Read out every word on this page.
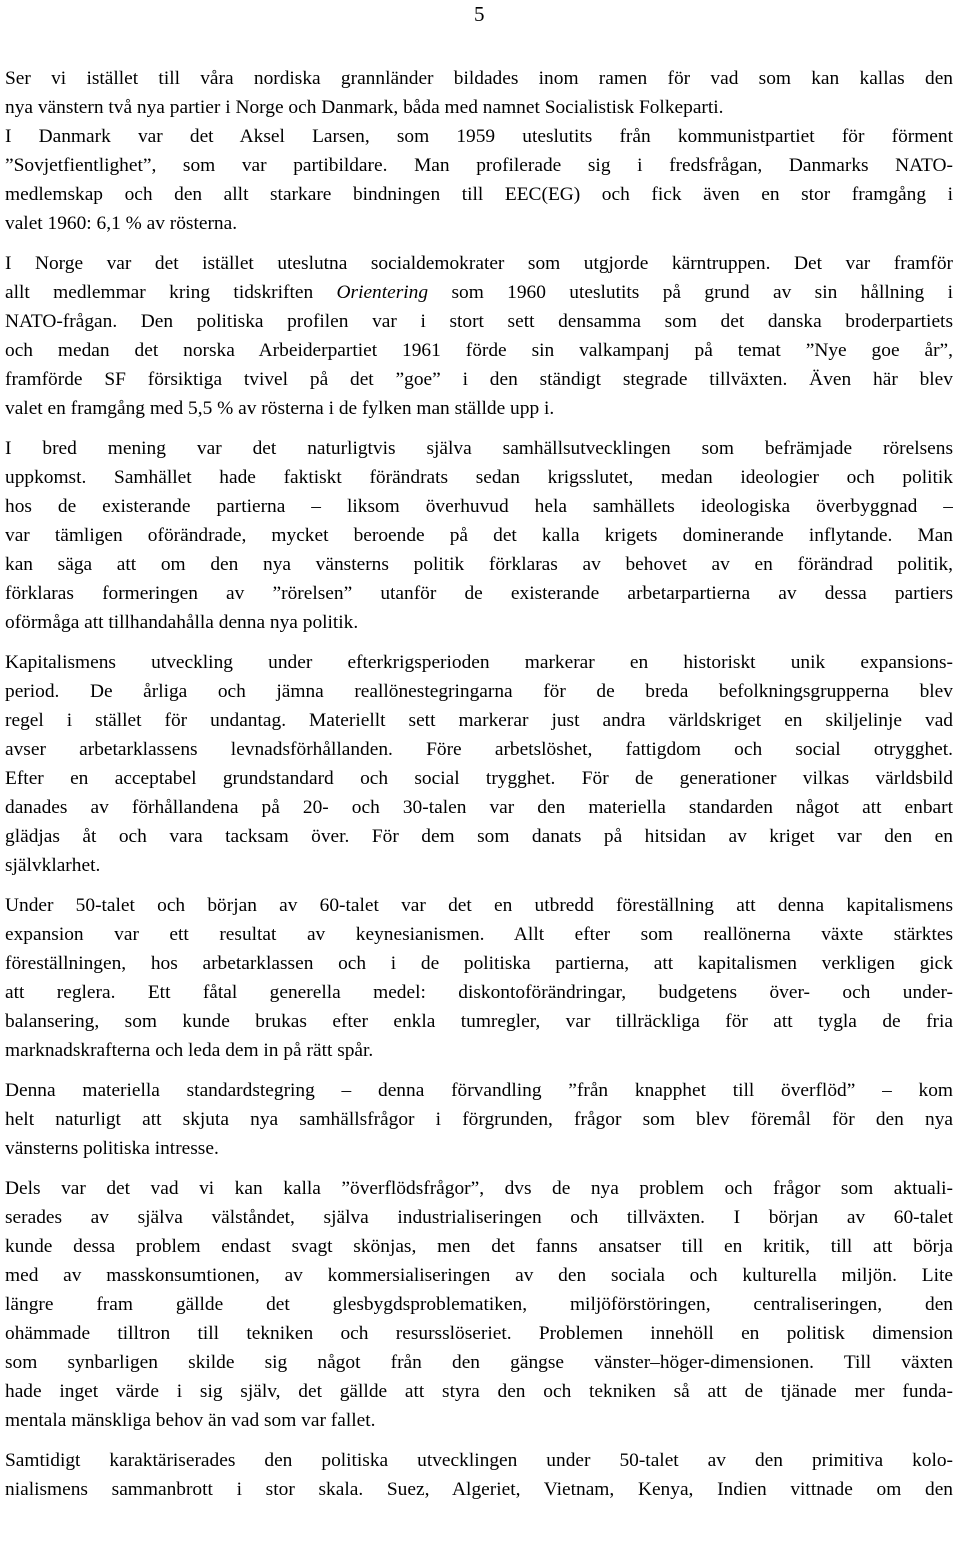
5

Ser vi istället till våra nordiska grannländer bildades inom ramen för vad som kan kallas den
nya vänstern två nya partier i Norge och Danmark, båda med namnet Socialistisk Folkeparti.
I Danmark var det Aksel Larsen, som 1959 uteslutits från kommunistpartiet för förment
”Sovjetfientlighet”, som var partibildare. Man profilerade sig i fredsfrågan, Danmarks NATO-
medlemskap och den allt starkare bindningen till EEC(EG) och fick även en stor framgång i
valet 1960: 6,1 % av rösterna.

I Norge var det istället uteslutna socialdemokrater som utgjorde kärntruppen. Det var framför
allt medlemmar kring tidskriften Orientering som 1960 uteslutits på grund av sin hållning i
NATO-frågan. Den politiska profilen var i stort sett densamma som det danska broderpartiets
och medan det norska Arbeiderpartiet 1961 förde sin valkampanj på temat ”Nye goe år”,
framförde SF försiktiga tvivel på det ”goe” i den ständigt stegrade tillväxten. Även här blev
valet en framgång med 5,5 % av rösterna i de fylken man ställde upp i.

I bred mening var det naturligtvis själva samhällsutvecklingen som befrämjade rörelsens
uppkomst. Samhället hade faktiskt förändrats sedan krigsslutet, medan ideologier och politik
hos de existerande partierna – liksom överhuvud hela samhällets ideologiska överbyggnad –
var tämligen oförändrade, mycket beroende på det kalla krigets dominerande inflytande. Man
kan säga att om den nya vänsterns politik förklaras av behovet av en förändrad politik,
förklaras formeringen av ”rörelsen” utanför de existerande arbetarpartierna av dessa partiers
oförmåga att tillhandahålla denna nya politik.

Kapitalismens utveckling under efterkrigsperioden markerar en historiskt unik expansions-
period. De årliga och jämna reallönestegringarna för de breda befolkningsgrupperna blev
regel i stället för undantag. Materiellt sett markerar just andra världskriget en skiljelinje vad
avser arbetarklassens levnadsförhållanden. Före arbetslöshet, fattigdom och social otrygghet.
Efter en acceptabel grundstandard och social trygghet. För de generationer vilkas världsbild
danades av förhållandena på 20- och 30-talen var den materiella standarden något att enbart
glädjas åt och vara tacksam över. För dem som danats på hitsidan av kriget var den en
självklarhet.

Under 50-talet och början av 60-talet var det en utbredd föreställning att denna kapitalismens
expansion var ett resultat av keynesianismen. Allt efter som reallönerna växte stärktes
föreställningen, hos arbetarklassen och i de politiska partierna, att kapitalismen verkligen gick
att reglera. Ett fåtal generella medel: diskontoförändringar, budgetens över- och under-
balansering, som kunde brukas efter enkla tumregler, var tillräckliga för att tygla de fria
marknadskrafterna och leda dem in på rätt spår.

Denna materiella standardstegring – denna förvandling ”från knapphet till överflöd” – kom
helt naturligt att skjuta nya samhällsfrågor i förgrunden, frågor som blev föremål för den nya
vänsterns politiska intresse.

Dels var det vad vi kan kalla ”överflödsfrågor”, dvs de nya problem och frågor som aktuali-
serades av själva välståndet, själva industrialiseringen och tillväxten. I början av 60-talet
kunde dessa problem endast svagt skönjas, men det fanns ansatser till en kritik, till att börja
med av masskonsumtionen, av kommersialiseringen av den sociala och kulturella miljön. Lite
längre fram gällde det glesbygdsproblematiken, miljöförstöringen, centraliseringen, den
ohämmade tilltron till tekniken och resursslöseriet. Problemen innehöll en politisk dimension
som synbarligen skilde sig något från den gängse vänster–höger-dimensionen. Till växten
hade inget värde i sig själv, det gällde att styra den och tekniken så att de tjänade mer funda-
mentala mänskliga behov än vad som var fallet.

Samtidigt karaktäriserades den politiska utvecklingen under 50-talet av den primitiva kolo-
nialismens sammanbrott i stor skala. Suez, Algeriet, Vietnam, Kenya, Indien vittnade om den
